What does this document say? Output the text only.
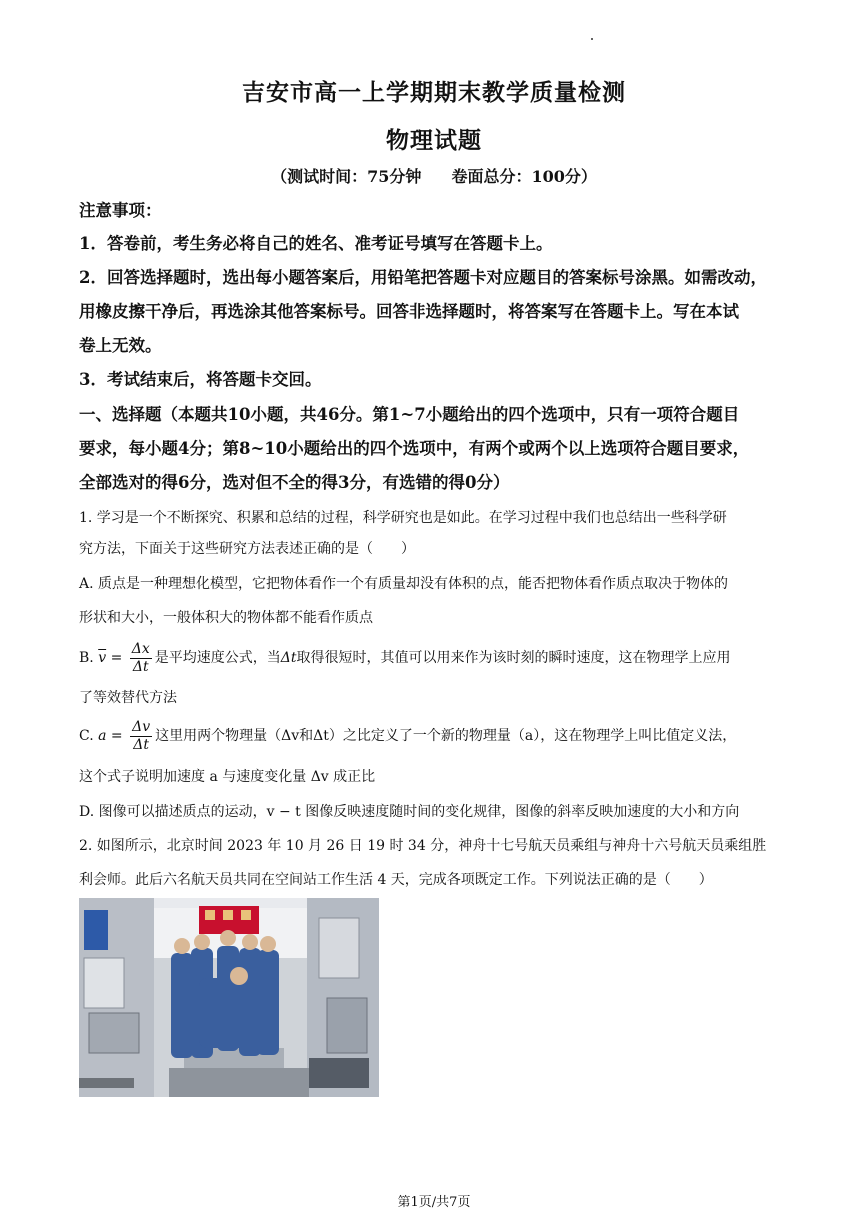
吉安市高一上学期期末教学质量检测
物理试题
（测试时间：75分钟 卷面总分：100分）
注意事项：
1．答卷前，考生务必将自己的姓名、准考证号填写在答题卡上。
2．回答选择题时，选出每小题答案后，用铅笔把答题卡对应题目的答案标号涂黑。如需改动，
用橡皮擦干净后，再选涂其他答案标号。回答非选择题时，将答案写在答题卡上。写在本试
卷上无效。
3．考试结束后，将答题卡交回。
一、选择题（本题共10小题，共46分。第1~7小题给出的四个选项中，只有一项符合题目
要求，每小题4分；第8~10小题给出的四个选项中，有两个或两个以上选项符合题目要求，
全部选对的得6分，选对但不全的得3分，有选错的得0分）
1. 学习是一个不断探究、积累和总结的过程，科学研究也是如此。在学习过程中我们也总结出一些科学研
究方法，下面关于这些研究方法表述正确的是（　　）
A. 质点是一种理想化模型，它把物体看作一个有质量却没有体积的点，能否把物体看作质点取决于物体的
形状和大小，一般体积大的物体都不能看作质点
B. $\overline{v} = \frac{\Delta x}{\Delta t}$ 是平均速度公式，当Δt取得很短时，其值可以用来作为该时刻的瞬时速度，这在物理学上应用
了等效替代方法
C. $a = \frac{\Delta v}{\Delta t}$ 这里用两个物理量（Δv和Δt）之比定义了一个新的物理量（a），这在物理学上叫比值定义法，
这个式子说明加速度 a 与速度变化量 Δv 成正比
D. 图像可以描述质点的运动，v − t 图像反映速度随时间的变化规律，图像的斜率反映加速度的大小和方向
2. 如图所示，北京时间 2023 年 10 月 26 日 19 时 34 分，神舟十七号航天员乘组与神舟十六号航天员乘组胜
利会师。此后六名航天员共同在空间站工作生活 4 天，完成各项既定工作。下列说法正确的是（　　）
第1页/共7页
